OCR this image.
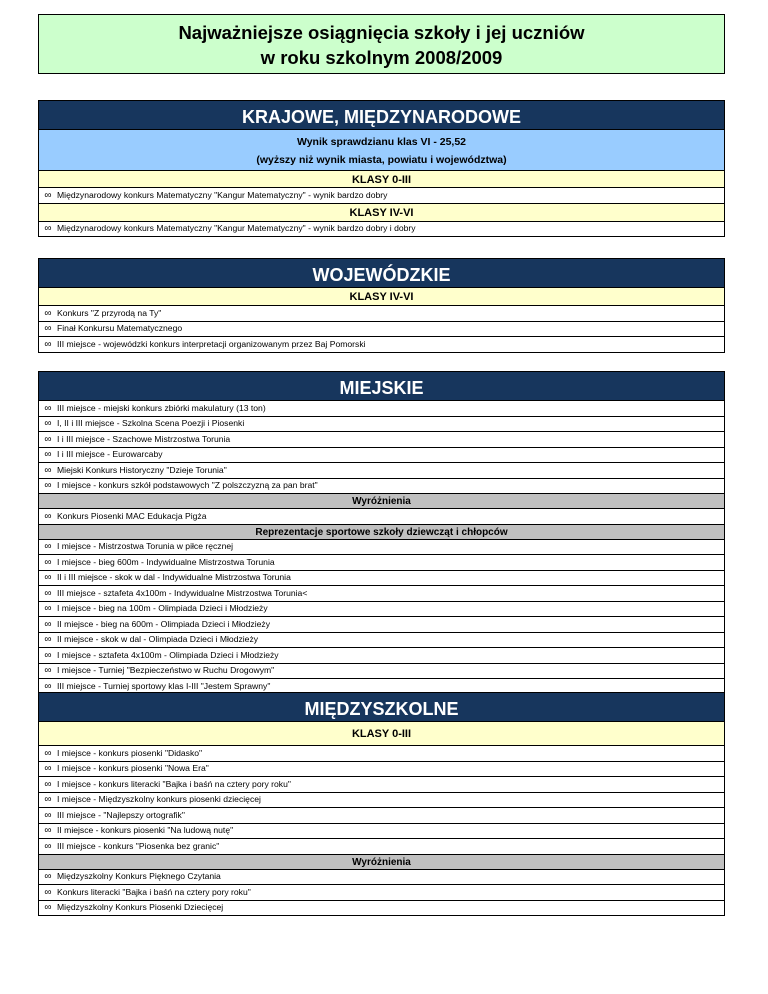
Najważniejsze osiągnięcia szkoły i jej uczniów
w roku szkolnym 2008/2009
KRAJOWE, MIĘDZYNARODOWE
Wynik sprawdzianu klas VI - 25,52
(wyższy niż wynik miasta, powiatu i województwa)
KLASY 0-III
∞ Międzynarodowy konkurs Matematyczny "Kangur Matematyczny" - wynik bardzo dobry
KLASY IV-VI
∞ Międzynarodowy konkurs Matematyczny "Kangur Matematyczny" - wynik bardzo dobry i dobry
WOJEWÓDZKIE
KLASY IV-VI
∞ Konkurs "Z przyrodą na Ty"
∞ Finał Konkursu Matematycznego
∞ III miejsce - wojewódzki konkurs interpretacji organizowanym przez Baj Pomorski
MIEJSKIE
∞ III miejsce - miejski konkurs zbiórki makulatury (13 ton)
∞ I, II i III miejsce - Szkolna Scena Poezji i Piosenki
∞ I i III miejsce - Szachowe Mistrzostwa Torunia
∞ I i III miejsce - Eurowarcaby
∞ Miejski Konkurs Historyczny "Dzieje Torunia"
∞ I miejsce - konkurs szkół podstawowych "Z polszczyzną za pan brat"
Wyróżnienia
∞ Konkurs Piosenki MAC Edukacja Pigża
Reprezentacje sportowe szkoły dziewcząt i chłopców
∞ I miejsce - Mistrzostwa Torunia w piłce ręcznej
∞ I miejsce - bieg 600m - Indywidualne Mistrzostwa Torunia
∞ II i III miejsce - skok w dal - Indywidualne Mistrzostwa Torunia
∞ III miejsce - sztafeta 4x100m - Indywidualne Mistrzostwa Torunia<
∞ I miejsce - bieg na 100m - Olimpiada Dzieci i Młodzieży
∞ II miejsce - bieg na 600m - Olimpiada Dzieci i Młodzieży
∞ II miejsce - skok w dal - Olimpiada Dzieci i Młodzieży
∞ I miejsce - sztafeta 4x100m - Olimpiada Dzieci i Młodzieży
∞ I miejsce - Turniej "Bezpieczeństwo w Ruchu Drogowym"
∞ III miejsce - Turniej sportowy klas I-III "Jestem Sprawny"
MIĘDZYSZKOLNE
KLASY 0-III
∞ I miejsce - konkurs piosenki "Didasko"
∞ I miejsce - konkurs piosenki "Nowa Era"
∞ I miejsce - konkurs literacki "Bajka i baśń na cztery pory roku"
∞ I miejsce - Międzyszkolny konkurs piosenki dziecięcej
∞ III miejsce - "Najlepszy ortografik"
∞ II miejsce - konkurs piosenki "Na ludową nutę"
∞ III miejsce - konkurs "Piosenka bez granic"
Wyróżnienia
∞ Międzyszkolny Konkurs Pięknego Czytania
∞ Konkurs literacki "Bajka i baśń na cztery pory roku"
∞ Międzyszkolny Konkurs Piosenki Dziecięcej
